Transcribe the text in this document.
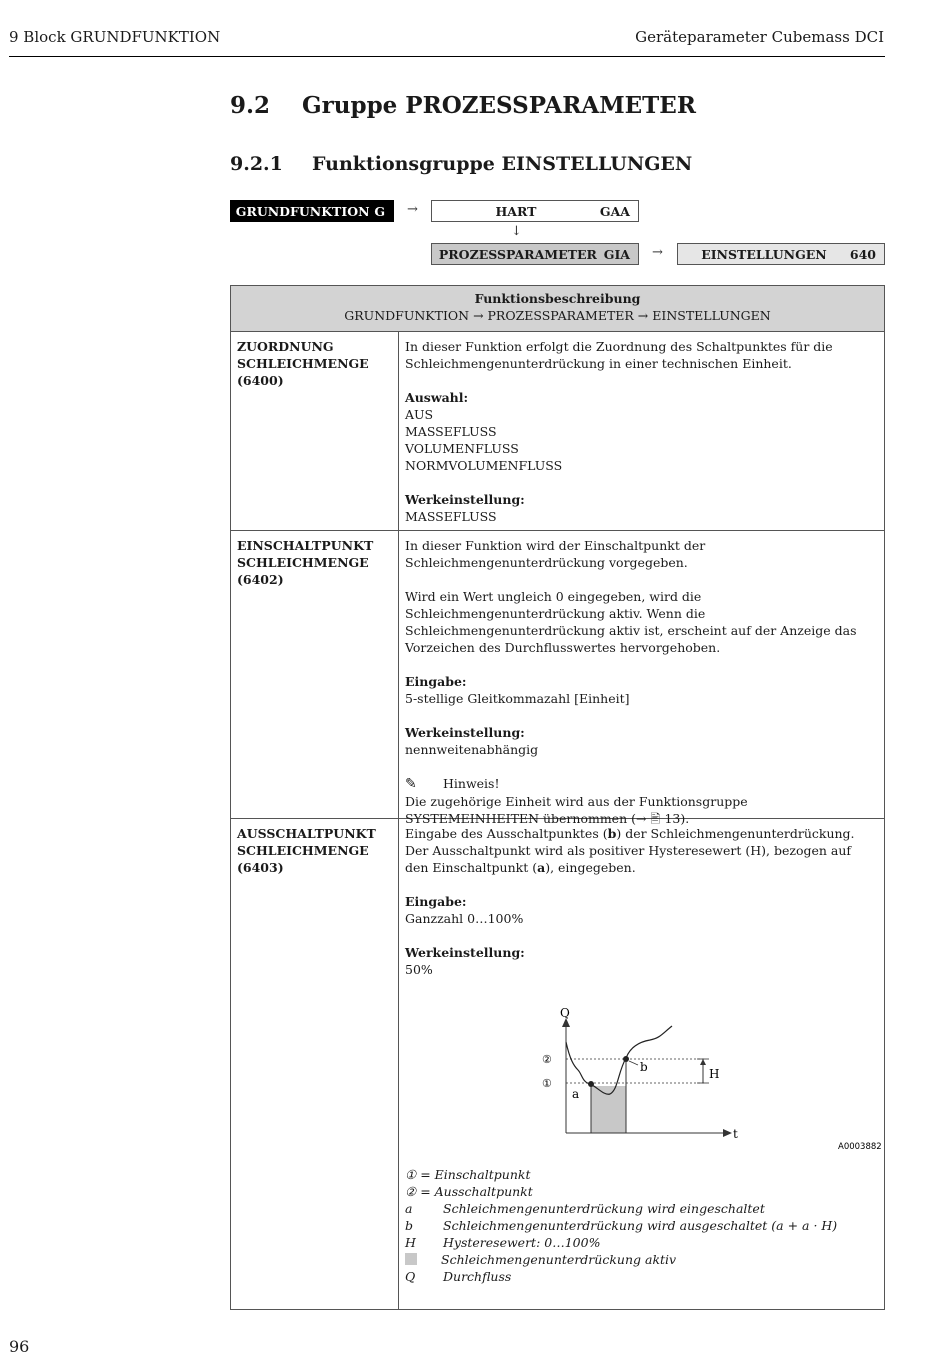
9 Block GRUNDFUNKTION	Geräteparameter Cubemass DCI
9.2 Gruppe PROZESSPARAMETER
9.2.1 Funktionsgruppe EINSTELLUNGEN
GRUNDFUNKTION G	→	HART	GAA
↓
PROZESSPARAMETER GIA	→	EINSTELLUNGEN	640
Funktionsbeschreibung
GRUNDFUNKTION → PROZESSPARAMETER → EINSTELLUNGEN
ZUORDNUNG
SCHLEICHMENGE
(6400)

In dieser Funktion erfolgt die Zuordnung des Schaltpunktes für die Schleichmengenunterdrückung in einer technischen Einheit.

Auswahl:
AUS
MASSEFLUSS
VOLUMENFLUSS

NORMVOLUMENFLUSS

Werkeinstellung:
MASSEFLUSS
EINSCHALTPUNKT
SCHLEICHMENGE
(6402)

In dieser Funktion wird der Einschaltpunkt der Schleichmengenunterdrückung vorgegeben.

Wird ein Wert ungleich 0 eingegeben, wird die Schleichmengenunterdrückung aktiv. Wenn die Schleichmengenunterdrückung aktiv ist, erscheint auf der Anzeige das Vorzeichen des Durchflusswertes hervorgehoben.

Eingabe:

5-stellige Gleitkommazahl [Einheit]

Werkeinstellung:

nennweitenabhängig

✎ Hinweis!
Die zugehörige Einheit wird aus der Funktionsgruppe SYSTEMEINHEITEN übernommen (→ 🖹 13).
AUSSCHALTPUNKT
SCHLEICHMENGE
(6403)
Eingabe des Ausschaltpunktes (b) der Schleichmengenunterdrückung.

Der Ausschaltpunkt wird als positiver Hysteresewert (H), bezogen auf den Einschaltpunkt (a), eingegeben.

Eingabe:

Ganzzahl 0…100%

Werkeinstellung:
50%
Q
t
②
①
a
b	H
A0003882
① = Einschaltpunkt
② = Ausschaltpunkt
a Schleichmengenunterdrückung wird eingeschaltet
b Schleichmengenunterdrückung wird ausgeschaltet (a + a · H)
H Hysteresewert: 0…100%
Schleichmengenunterdrückung aktiv
Q Durchfluss
96
